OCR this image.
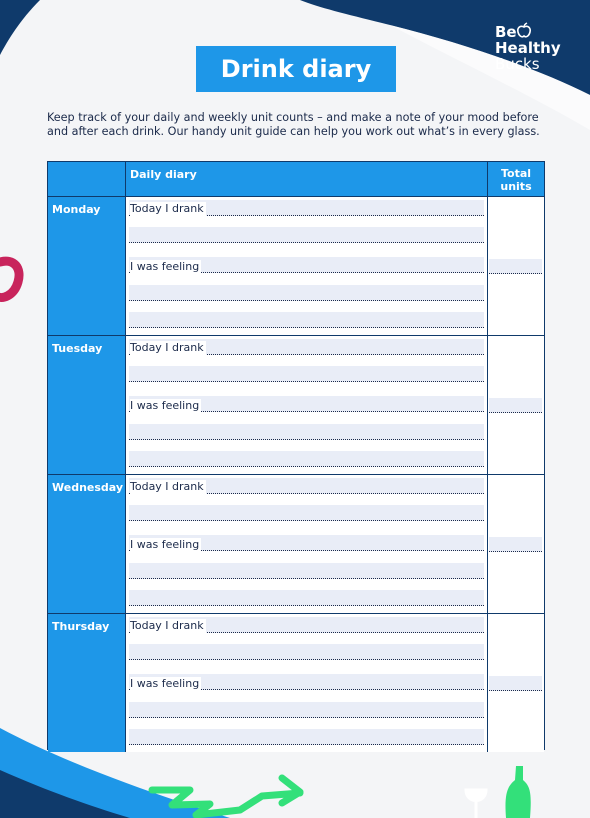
Be
Healthy
Bucks
Drink diary
Keep track of your daily and weekly unit counts – and make a note of your mood before and after each drink. Our handy unit guide can help you work out what’s in every glass.
Daily diary	Total units
Monday	Today I drank
I was feeling
Tuesday	Today I drank
I was feeling
Wednesday Today I drank
I was feeling
Thursday	Today I drank
I was feeling
